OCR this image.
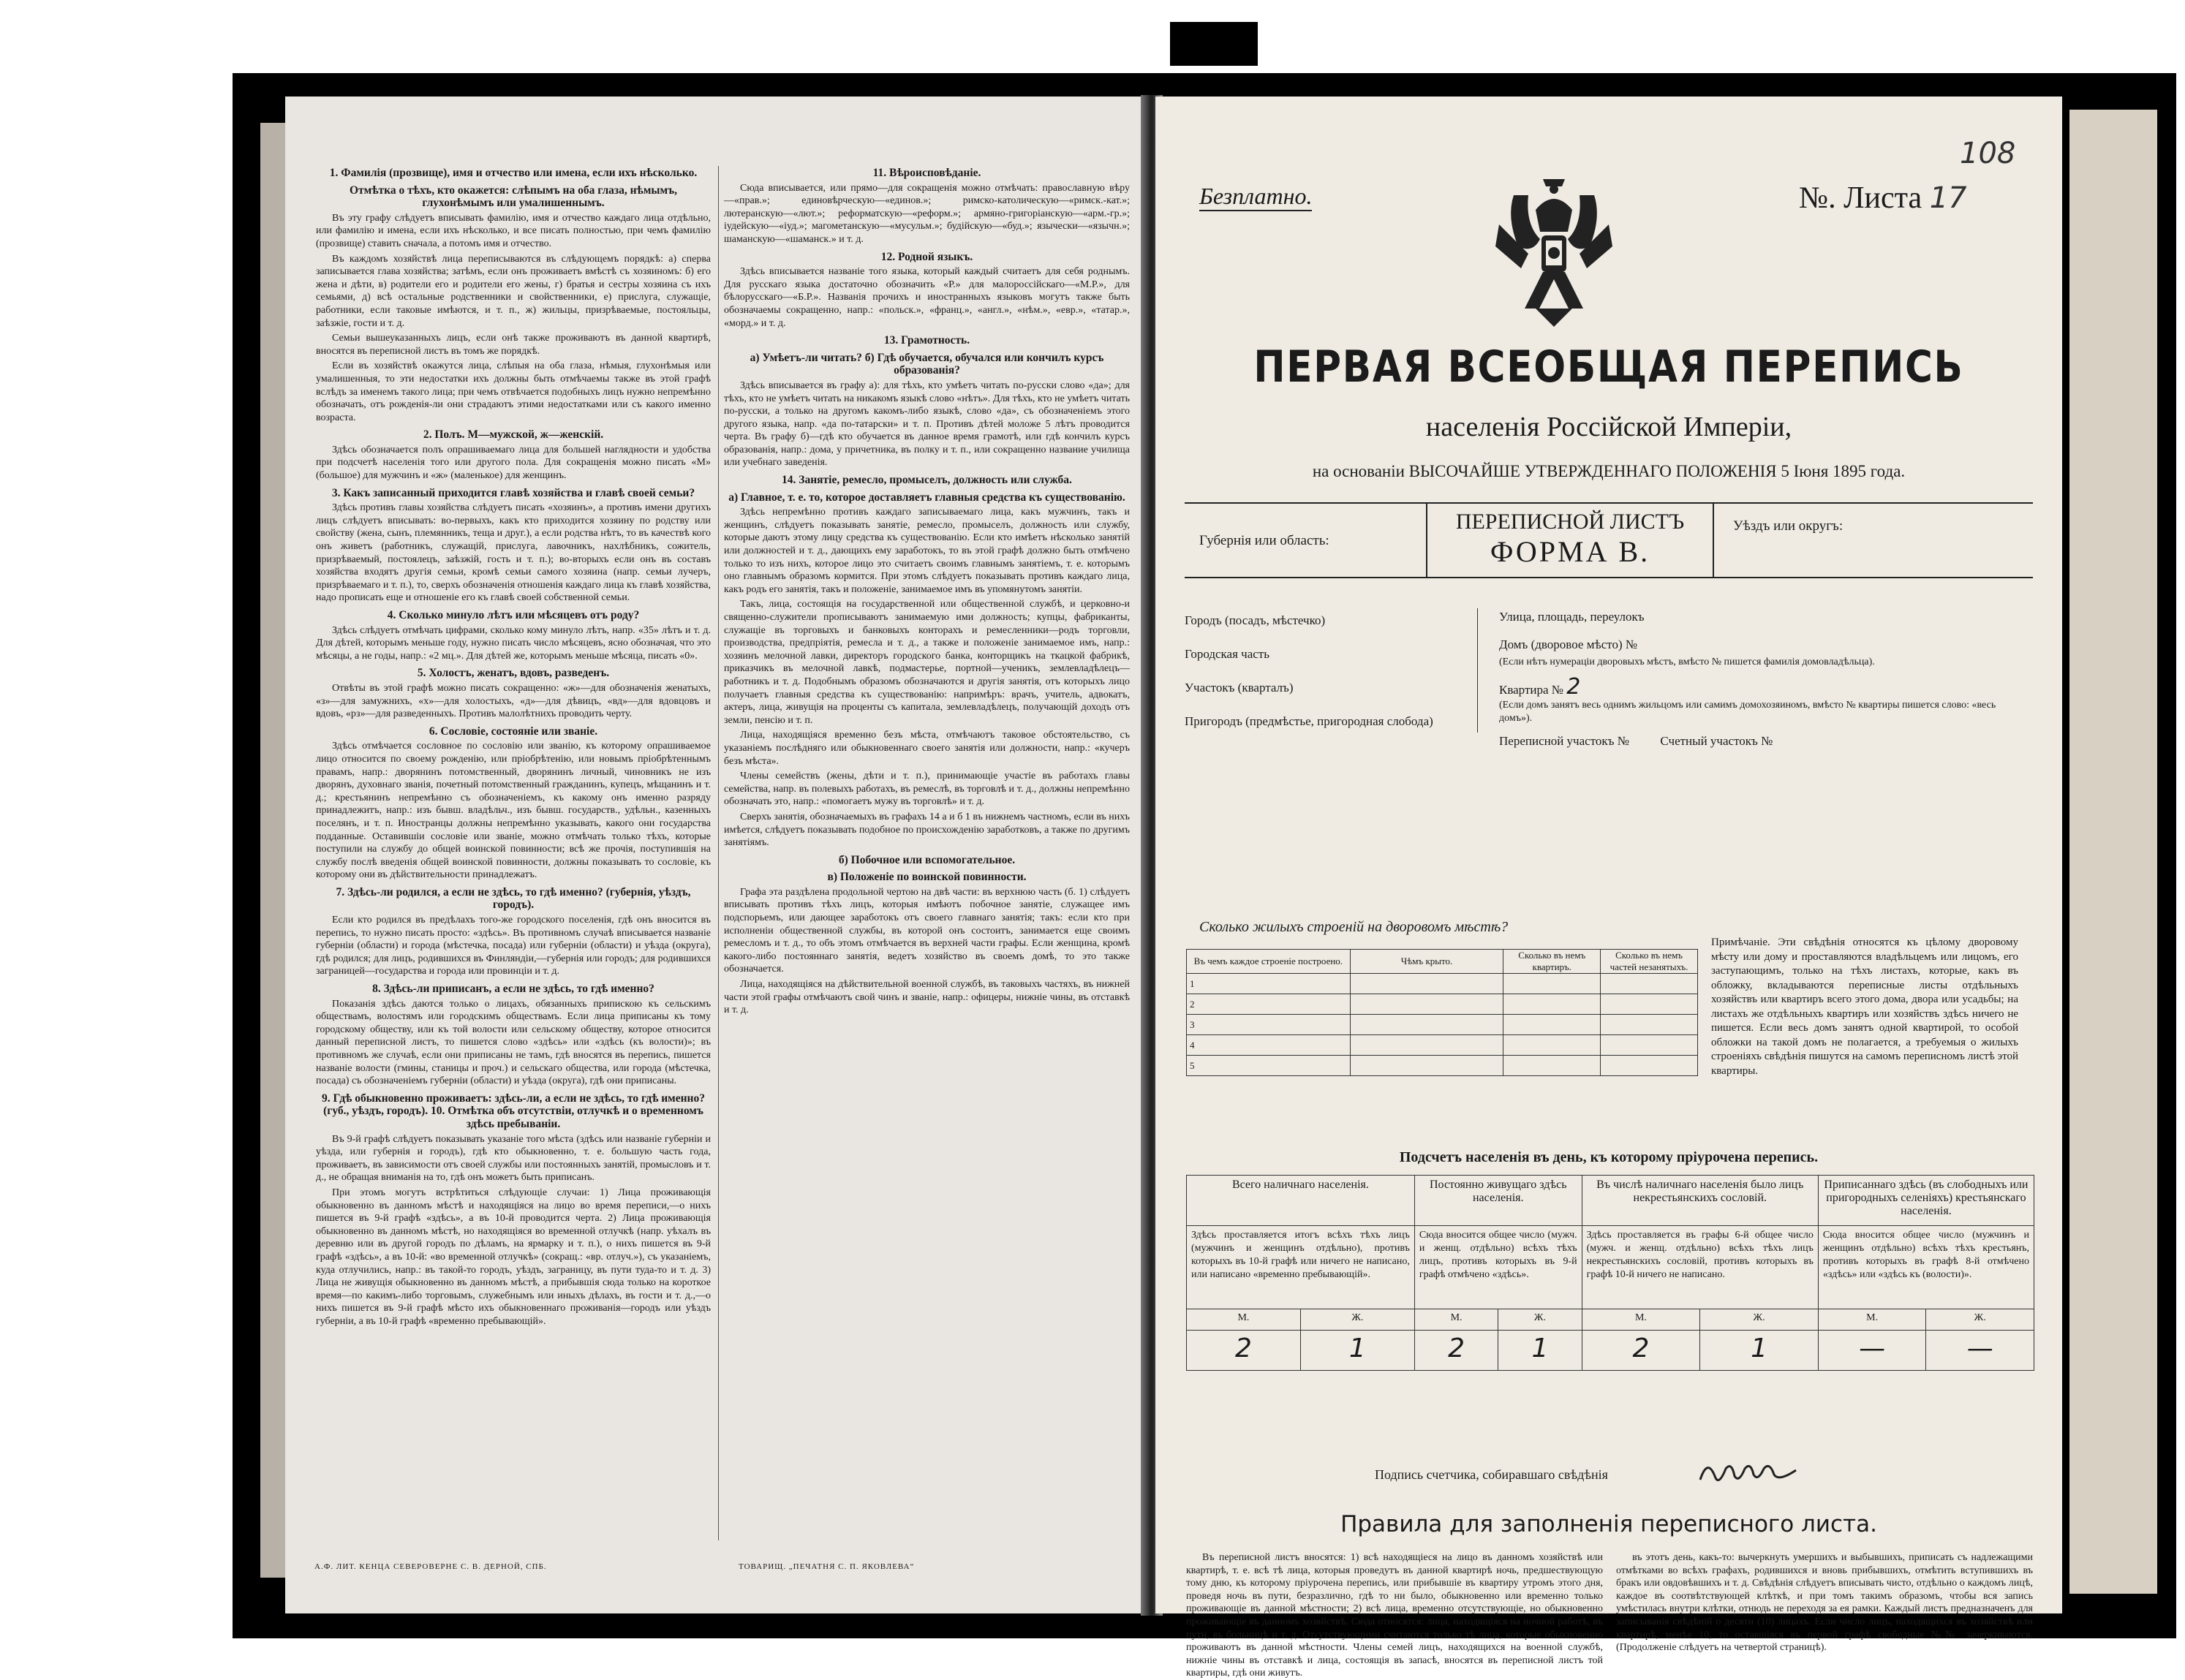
1. Фамилія (прозвище), имя и отчество или имена, если ихъ нѣсколько.
Отмѣтка о тѣхъ, кто окажется: слѣпымъ на оба глаза, нѣмымъ, глухонѣмымъ или умалишеннымъ.

Въ эту графу слѣдуетъ вписывать фамилію, имя и отчество каждаго лица отдѣльно, или фамилію и имена, если ихъ нѣсколько, и все писать полностью, при чемъ фамилію (прозвище) ставить сначала, а потомъ имя и отчество.

Въ каждомъ хозяйствѣ лица переписываются въ слѣдующемъ порядкѣ: а) сперва записывается глава хозяйства; затѣмъ, если онъ проживаетъ вмѣстѣ съ хозяиномъ: б) его жена и дѣти, в) родители его и родители его жены, г) братья и сестры хозяина съ ихъ семьями, д) всѣ остальные родственники и свойственники, е) прислуга, служащіе, работники, если таковые имѣются, и т. п., ж) жильцы, призрѣваемые, постояльцы, заѣзжіе, гости и т. д.

Семьи вышеуказанныхъ лицъ, если онѣ также проживаютъ въ данной квартирѣ, вносятся въ переписной листъ въ томъ же порядкѣ.

Если въ хозяйствѣ окажутся лица, слѣпыя на оба глаза, нѣмыя, глухонѣмыя или умалишенныя, то эти недостатки ихъ должны быть отмѣчаемы также въ этой графѣ вслѣдъ за именемъ такого лица; при чемъ отвѣчается подобныхъ лицъ нужно непремѣнно обозначать, отъ рожденія-ли они страдаютъ этими недостатками или съ какого именно возраста.

2. Полъ. М—мужской, ж—женскій.

Здѣсь обозначается полъ опрашиваемаго лица для большей наглядности и удобства при подсчетѣ населенія того или другого пола. Для сокращенія можно писать «М» (большое) для мужчинъ и «ж» (маленькое) для женщинъ.

3. Какъ записанный приходится главѣ хозяйства и главѣ своей семьи?

Здѣсь противъ главы хозяйства слѣдуетъ писать «хозяинъ», а противъ имени другихъ лицъ слѣдуетъ вписывать: во-первыхъ, какъ кто приходится хозяину по родству или свойству (жена, сынъ, племянникъ, теща и друг.), а если родства нѣтъ, то въ качествѣ кого онъ живетъ (работникъ, служащій, прислуга, лавочникъ, нахлѣбникъ, сожитель, призрѣваемый, постоялецъ, заѣзжій, гость и т. п.); во-вторыхъ если онъ въ составъ хозяйства входятъ другія семьи, кромѣ семьи самого хозяина (напр. семьи лучеръ, призрѣваемаго и т. п.), то, сверхъ обозначенія отношенія каждаго лица къ главѣ хозяйства, надо прописать еще и отношеніе его къ главѣ своей собственной семьи.

4. Сколько минуло лѣтъ или мѣсяцевъ отъ роду?

Здѣсь слѣдуетъ отмѣчать цифрами, сколько кому минуло лѣтъ, напр. «35» лѣтъ и т. д. Для дѣтей, которымъ меньше году, нужно писать число мѣсяцевъ, ясно обозначая, что это мѣсяцы, а не годы, напр.: «2 мц.». Для дѣтей же, которымъ меньше мѣсяца, писать «0».

5. Холостъ, женатъ, вдовъ, разведенъ.

Отвѣты въ этой графѣ можно писать сокращенно: «ж»—для обозначенія женатыхъ, «з»—для замужнихъ, «х»—для холостыхъ, «д»—для дѣвицъ, «вд»—для вдовцовъ и вдовъ, «рз»—для разведенныхъ. Противъ малолѣтнихъ проводить черту.

6. Сословіе, состояніе или званіе.

Здѣсь отмѣчается сословное по сословію или званію, къ которому опрашиваемое лицо относится по своему рожденію, или пріобрѣтенію, или новымъ пріобрѣтеннымъ правамъ, напр.: дворянинъ потомственный, дворянинъ личный, чиновникъ не изъ дворянъ, духовнаго званія, почетный потомственный гражданинъ, купецъ, мѣщанинъ и т. д.; крестьянинъ непремѣнно съ обозначеніемъ, къ какому онъ именно разряду принадлежитъ, напр.: изъ бывш. владѣльч., изъ бывш. государств., удѣльн., казенныхъ поселянъ, и т. п. Иностранцы должны непремѣнно указывать, какого они государства подданные. Оставившіи сословіе или званіе, можно отмѣчать только тѣхъ, которые поступили на службу до общей воинской повинности; всѣ же прочія, поступившія на службу послѣ введенія общей воинской повинности, должны показывать то сословіе, къ которому они въ дѣйствительности принадлежатъ.

7. Здѣсь-ли родился, а если не здѣсь, то гдѣ именно? (губернія, уѣздъ, городъ).

Если кто родился въ предѣлахъ того-же городского поселенія, гдѣ онъ вносится въ перепись, то нужно писать просто: «здѣсь». Въ противномъ случаѣ вписывается названіе губерніи (области) и города (мѣстечка, посада) или губерніи (области) и уѣзда (округа), гдѣ родился; для лицъ, родившихся въ Финляндіи,—губернія или городъ; для родившихся заграницей—государства и города или провинціи и т. д.

8. Здѣсь-ли приписанъ, а если не здѣсь, то гдѣ именно?

Показанія здѣсь даются только о лицахъ, обязанныхъ припискою къ сельскимъ обществамъ, волостямъ или городскимъ обществамъ. Если лица приписаны къ тому городскому обществу, или къ той волости или сельскому обществу, которое относится данный переписной листъ, то пишется слово «здѣсь» или «здѣсь (къ волости)»; въ противномъ же случаѣ, если они приписаны не тамъ, гдѣ вносятся въ перепись, пишется названіе волости (гмины, станицы и проч.) и сельскаго общества, или города (мѣстечка, посада) съ обозначеніемъ губерніи (области) и уѣзда (округа), гдѣ они приписаны.

9. Гдѣ обыкновенно проживаетъ: здѣсь-ли, а если не здѣсь, то гдѣ именно? (губ., уѣздъ, городъ). 10. Отмѣтка объ отсутствіи, отлучкѣ и о временномъ здѣсь пребываніи.

Въ 9-й графѣ слѣдуетъ показывать указаніе того мѣста (здѣсь или названіе губерніи и уѣзда, или губернія и городъ), гдѣ кто обыкновенно, т. е. большую часть года, проживаетъ, въ зависимости отъ своей службы или постоянныхъ занятій, промысловъ и т. д., не обращая вниманія на то, гдѣ онъ можетъ быть приписанъ.

При этомъ могутъ встрѣтиться слѣдующіе случаи: 1) Лица проживающія обыкновенно въ данномъ мѣстѣ и находящіяся на лицо во время переписи,—о нихъ пишется въ 9-й графѣ «здѣсь», а въ 10-й проводится черта. 2) Лица проживающія обыкновенно въ данномъ мѣстѣ, но находящіяся во временной отлучкѣ (напр. уѣхалъ въ деревню или въ другой городъ по дѣламъ, на ярмарку и т. п.), о нихъ пишется въ 9-й графѣ «здѣсь», а въ 10-й: «во временной отлучкѣ» (сокращ.: «вр. отлуч.»), съ указаніемъ, куда отлучились, напр.: въ такой-то городъ, уѣздъ, заграницу, въ пути туда-то и т. д. 3) Лица не живущія обыкновенно въ данномъ мѣстѣ, а прибывшія сюда только на короткое время—по какимъ-либо торговымъ, служебнымъ или иныхъ дѣлахъ, въ гости и т. д.,—о нихъ пишется въ 9-й графѣ мѣсто ихъ обыкновеннаго проживанія—городъ или уѣздъ губерніи, а въ 10-й графѣ «временно пребывающій».

11. Вѣроисповѣданіе.

Сюда вписывается, или прямо—для сокращенія можно отмѣчать: православную вѣру—«прав.»; единовѣрческую—«единов.»; римско-католическую—«римск.-кат.»; лютеранскую—«лют.»; реформатскую—«реформ.»; армяно-григоріанскую—«арм.-гр.»; іудейскую—«іуд.»; магометанскую—«мусульм.»; будійскую—«буд.»; язычески—«язычн.»; шаманскую—«шаманск.» и т. д.

12. Родной языкъ.

Здѣсь вписывается названіе того языка, который каждый считаетъ для себя роднымъ. Для русскаго языка достаточно обозначить «Р.» для малороссійскаго—«М.Р.», для бѣлорусскаго—«Б.Р.». Названія прочихъ и иностранныхъ языковъ могутъ также быть обозначаемы сокращенно, напр.: «польск.», «франц.», «англ.», «нѣм.», «евр.», «татар.», «морд.» и т. д.

13. Грамотность.
а) Умѣетъ-ли читать? б) Гдѣ обучается, обучался или кончилъ курсъ образованія?

Здѣсь вписывается въ графу а): для тѣхъ, кто умѣетъ читать по-русски слово «да»; для тѣхъ, кто не умѣетъ читать на никакомъ языкѣ слово «нѣтъ». Для тѣхъ, кто не умѣетъ читать по-русски, а только на другомъ какомъ-либо языкѣ, слово «да», съ обозначеніемъ этого другого языка, напр. «да по-татарски» и т. п. Противъ дѣтей моложе 5 лѣтъ проводится черта. Въ графу б)—гдѣ кто обучается въ данное время грамотѣ, или гдѣ кончилъ курсъ образованія, напр.: дома, у причетника, въ полку и т. п., или сокращенно название училища или учебнаго заведенія.

14. Занятіе, ремесло, промыселъ, должность или служба.
а) Главное, т. е. то, которое доставляетъ главныя средства къ существованію.

Здѣсь непремѣнно противъ каждаго записываемаго лица, какъ мужчинъ, такъ и женщинъ, слѣдуетъ показывать занятіе, ремесло, промыселъ, должность или службу, которые даютъ этому лицу средства къ существованію. Если кто имѣетъ нѣсколько занятій или должностей и т. д., дающихъ ему заработокъ, то въ этой графѣ должно быть отмѣчено только то изъ нихъ, которое лицо это считаетъ своимъ главнымъ занятіемъ, т. е. которымъ оно главнымъ образомъ кормится. При этомъ слѣдуетъ показывать противъ каждаго лица, какъ родъ его занятія, такъ и положеніе, занимаемое имъ въ упомянутомъ занятіи.

Такъ, лица, состоящія на государственной или общественной службѣ, и церковно-и священно-служители прописываютъ занимаемую ими должность; купцы, фабриканты, служащіе въ торговыхъ и банковыхъ конторахъ и ремесленники—родъ торговли, производства, предпріятія, ремесла и т. д., а также и положеніе занимаемое имъ, напр.: хозяинъ мелочной лавки, директоръ городского банка, конторщикъ на ткацкой фабрикѣ, приказчикъ въ мелочной лавкѣ, подмастерье, портной—ученикъ, землевладѣлецъ—работникъ и т. д. Подобнымъ образомъ обозначаются и другія занятія, отъ которыхъ лицо получаетъ главныя средства къ существованію: напримѣръ: врачъ, учитель, адвокатъ, актеръ, лица, живущія на проценты съ капитала, землевладѣлецъ, получающій доходъ отъ земли, пенсію и т. п.

Лица, находящіяся временно безъ мѣста, отмѣчаютъ таковое обстоятельство, съ указаніемъ послѣдняго или обыкновеннаго своего занятія или должности, напр.: «кучеръ безъ мѣста».

Члены семействъ (жены, дѣти и т. п.), принимающіе участіе въ работахъ главы семейства, напр. въ полевыхъ работахъ, въ ремеслѣ, въ торговлѣ и т. д., должны непремѣнно обозначать это, напр.: «помогаетъ мужу въ торговлѣ» и т. д.

Сверхъ занятія, обозначаемыхъ въ графахъ 14 а и б 1 въ нижнемъ частномъ, если въ нихъ имѣется, слѣдуетъ показывать подобное по происхожденію заработковъ, а также по другимъ занятіямъ.

б) Побочное или вспомогательное.
в) Положеніе по воинской повинности.

Графа эта раздѣлена продольной чертою на двѣ части: въ верхнюю часть (б. 1) слѣдуетъ вписывать противъ тѣхъ лицъ, которыя имѣютъ побочное занятіе, служащее имъ подспорьемъ, или дающее заработокъ отъ своего главнаго занятія; такъ: если кто при исполненіи общественной службы, въ которой онъ состоитъ, занимается еще своимъ ремесломъ и т. д., то объ этомъ отмѣчается въ верхней части графы. Если женщина, кромѣ какого-либо постояннаго занятія, ведетъ хозяйство въ своемъ домѣ, то это также обозначается.

Лица, находящіяся на дѣйствительной военной службѣ, въ таковыхъ частяхъ, въ нижней части этой графы отмѣчаютъ свой чинъ и званіе, напр.: офицеры, нижніе чины, въ отставкѣ и т. д.

А.Ф. ЛИТ. КЕНЦА СЕВЕРОВЕРНЕ С. В. ДЕРНОЙ, СПБ.	ТОВАРИЩ. „ПЕЧАТНЯ С. П. ЯКОВЛЕВА“
108
Безплатно.	№. Листа 17
ПЕРВАЯ ВСЕОБЩАЯ ПЕРЕПИСЬ
населенія Россійской Имперіи,
на основаніи ВЫСОЧАЙШЕ УТВЕРЖДЕННАГО ПОЛОЖЕНІЯ 5 Іюня 1895 года.
Губернія или область:
ПЕРЕПИСНОЙ ЛИСТЪ
ФОРМА В.
Уѣздъ или округъ:
Городъ (посадъ, мѣстечко)
Городская часть
Участокъ (кварталъ)
Пригородъ (предмѣстье, пригородная слобода)
Улица, площадь, переулокъ
Домъ (дворовое мѣсто) №
(Если нѣтъ нумераціи дворовыхъ мѣстъ, вмѣсто № пишется фамилія домовладѣльца).
Квартира № 2
(Если домъ занятъ весь однимъ жильцомъ или самимъ домохозяиномъ, вмѣсто № квартиры пишется слово: «весь домъ»).
Переписной участокъ №	Счетный участокъ №
Сколько жилыхъ строеній на дворовомъ мѣстѣ?
Въ чемъ каждое строеніе построено.	Чѣмъ крыто.	Сколько въ немъ квартиръ.	Сколько въ немъ частей незанятыхъ.
1			
2			
3			
4			
5			
Примѣчаніе. Эти свѣдѣнія относятся къ цѣлому дворовому мѣсту или дому и проставляются владѣльцемъ или лицомъ, его заступающимъ, только на тѣхъ листахъ, которые, какъ въ обложку, вкладываются переписные листы отдѣльныхъ хозяйствъ или квартиръ всего этого дома, двора или усадьбы; на листахъ же отдѣльныхъ квартиръ или хозяйствъ здѣсь ничего не пишется. Если весь домъ занятъ одной квартирой, то особой обложки на такой домъ не полагается, а требуемыя о жилыхъ строеніяхъ свѣдѣнія пишутся на самомъ переписномъ листѣ этой квартиры.
Подсчетъ населенія въ день, къ которому пріурочена перепись.
Всего наличнаго населенія.		Постоянно живущаго здѣсь населенія.		Въ числѣ наличнаго населенія было лицъ некрестьянскихъ сословій.		Приписаннаго здѣсь (въ слободныхъ или пригородныхъ селеніяхъ) крестьянскаго населенія.	
Здѣсь проставляется итогъ всѣхъ тѣхъ лицъ (мужчинъ и женщинъ отдѣльно), противъ которыхъ въ 10-й графѣ или ничего не написано, или написано «временно пребывающій».		Сюда вносится общее число (мужч. и женщ. отдѣльно) всѣхъ тѣхъ лицъ, противъ которыхъ въ 9-й графѣ отмѣчено «здѣсь».		Здѣсь проставляется въ графы 6-й общее число (мужч. и женщ. отдѣльно) всѣхъ тѣхъ лицъ некрестьянскихъ сословій, противъ которыхъ въ графѣ 10-й ничего не написано.		Сюда вносится общее число (мужчинъ и женщинъ отдѣльно) всѣхъ тѣхъ крестьянъ, противъ которыхъ въ графѣ 8-й отмѣчено «здѣсь» или «здѣсь къ (волости)».	
М.	Ж.	М.	Ж.	М.	Ж.	М.	Ж.
2	1	2	1	2	1	—	—
Подпись счетчика, собиравшаго свѣдѣнія
Правила для заполненія переписного листа.

Въ переписной листъ вносятся: 1) всѣ находящіеся на лицо въ данномъ хозяйствѣ или квартирѣ, т. е. всѣ тѣ лица, которыя проведутъ въ данной квартирѣ ночь, предшествующую тому дню, къ которому пріурочена перепись, или прибывшіе въ квартиру утромъ этого дня, проведя ночь въ пути, безразлично, гдѣ то ни было, обыкновенно или временно только проживающіе въ данной мѣстности; 2) всѣ лица, временно отсутствующіе, но обыкновенно проживающіе въ данномъ хозяйствѣ. Сюда относятся: лица, находящіяся на ночной работѣ, въ пути, въ больницѣ и т. д. Отсутствующими считаются только тѣ лица, которые обыкновенно проживаютъ въ данной мѣстности. Члены семей лицъ, находящихся на военной службѣ, нижніе чины въ отставкѣ и лица, состоящія въ запасѣ, вносятся въ переписной листъ той квартиры, гдѣ они живутъ.

въ этотъ день, какъ-то: вычеркнуть умершихъ и выбывшихъ, приписать съ надлежащими отмѣтками во всѣхъ графахъ, родившихся и вновь прибывшихъ, отмѣтить вступившихъ въ бракъ или овдовѣвшихъ и т. д. Свѣдѣнія слѣдуетъ вписывать чисто, отдѣльно о каждомъ лицѣ, каждое въ соотвѣтствующей клѣткѣ, и при томъ такимъ образомъ, чтобы вся запись умѣстилась внутри клѣтки, отнюдь не переходя за ея рамки. Каждый листъ предназначенъ для записыванія свѣдѣній о десяти (10) лицахъ. Если число лицъ, находящихся въ хозяйствѣ или квартирѣ, менѣе 10, то оставшіяся въ первой графѣ свободные №№ зачеркиваются. (Продолженіе слѣдуетъ на четвертой страницѣ).
